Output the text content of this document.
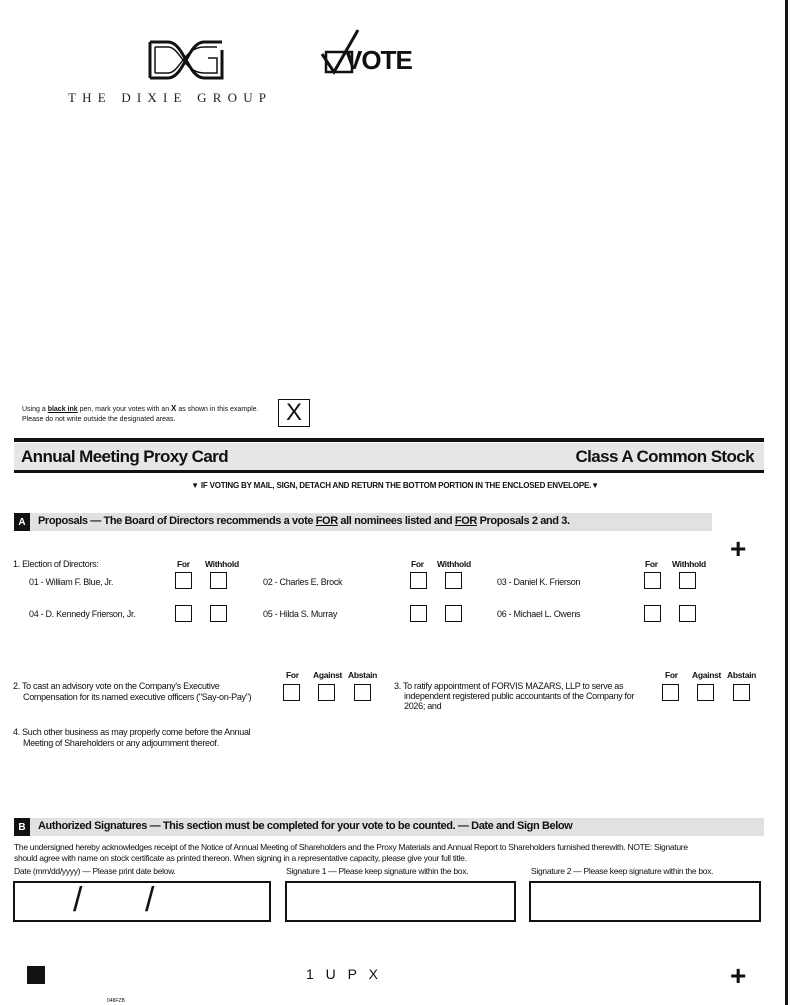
THE DIXIE GROUP
VOTE
Using a black ink pen, mark your votes with an X as shown in this example.
Please do not write outside the designated areas.	X
Annual Meeting Proxy Card	Class A Common Stock
▼ IF VOTING BY MAIL, SIGN, DETACH AND RETURN THE BOTTOM PORTION IN THE ENCLOSED ENVELOPE.▼
A	Proposals — The Board of Directors recommends a vote FOR all nominees listed and FOR Proposals 2 and 3.
+
1. Election of Directors:	For Withhold	For Withhold	For Withhold
01 - William F. Blue, Jr.	02 - Charles E. Brock	03 - Daniel K. Frierson
04 - D. Kennedy Frierson, Jr.	05 - Hilda S. Murray	06 - Michael L. Owens
2. To cast an advisory vote on the Company's Executive
Compensation for its named executive officers ("Say-on-Pay")
For Against Abstain
3. To ratify appointment of FORVIS MAZARS, LLP to serve as
independent registered public accountants of the Company for
2026; and
For Against Abstain
4. Such other business as may properly come before the Annual
Meeting of Shareholders or any adjournment thereof.
B	Authorized Signatures — This section must be completed for your vote to be counted. — Date and Sign Below
The undersigned hereby acknowledges receipt of the Notice of Annual Meeting of Shareholders and the Proxy Materials and Annual Report to Shareholders furnished therewith. NOTE: Signature
should agree with name on stock certificate as printed thereon. When signing in a representative capacity, please give your full title.
Date (mm/dd/yyyy) — Please print date below.	Signature 1 — Please keep signature within the box.	Signature 2 — Please keep signature within the box.
/ /
1 U P X	+
048FZB
